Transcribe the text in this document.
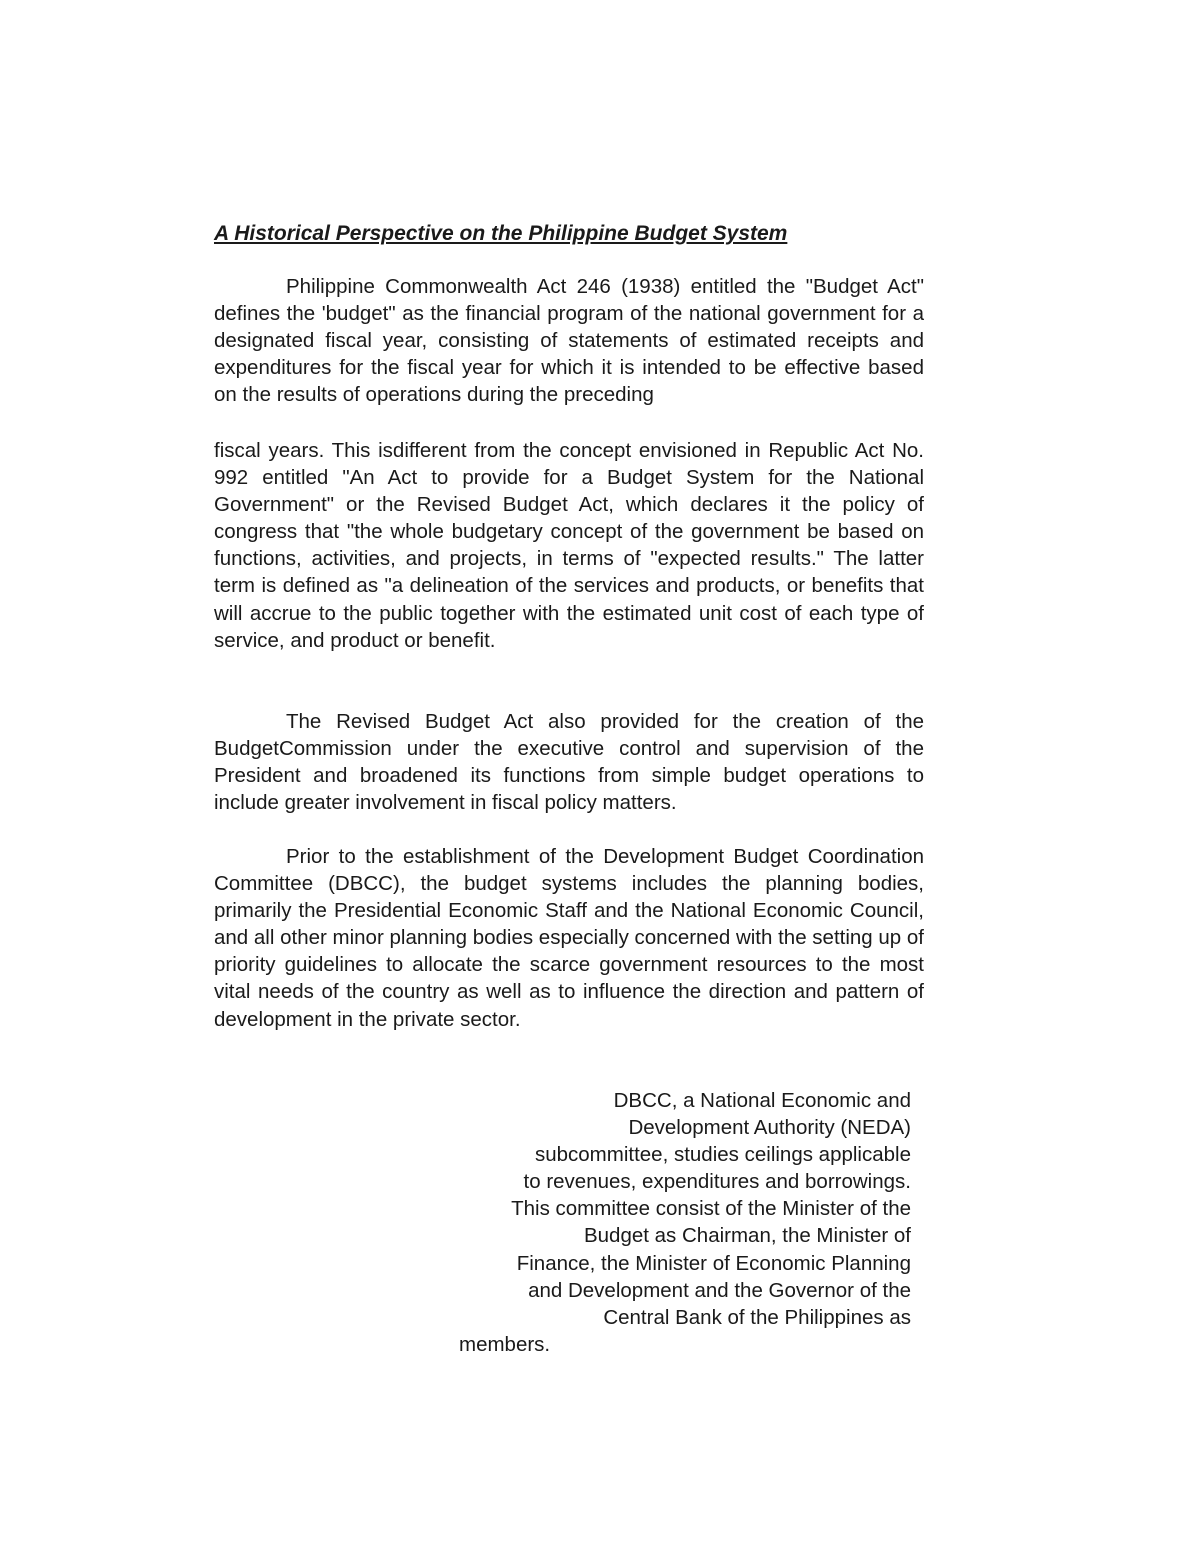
A Historical Perspective on the Philippine Budget System

Philippine Commonwealth Act 246 (1938) entitled the "Budget Act" defines the 'budget" as the financial program of the national government for a designated fiscal year, consisting of statements of estimated receipts and expenditures for the fiscal year for which it is intended to be effective based on the results of operations during the preceding

fiscal years. This isdifferent from the concept envisioned in Republic Act No. 992 entitled "An Act to provide for a Budget System for the National Government" or the Revised Budget Act, which declares it the policy of congress that "the whole budgetary concept of the government be based on functions, activities, and projects, in terms of "expected results." The latter term is defined as "a delineation of the services and products, or benefits that will accrue to the public together with the estimated unit cost of each type of service, and product or benefit.

The Revised Budget Act also provided for the creation of the BudgetCommission under the executive control and supervision of the President and broadened its functions from simple budget operations to include greater involvement in fiscal policy matters.

Prior to the establishment of the Development Budget Coordination Committee (DBCC), the budget systems includes the planning bodies, primarily the Presidential Economic Staff and the National Economic Council, and all other minor planning bodies especially concerned with the setting up of priority guidelines to allocate the scarce government resources to the most vital needs of the country as well as to influence the direction and pattern of development in the private sector.

DBCC, a National Economic and
Development Authority (NEDA)
subcommittee, studies ceilings applicable
to revenues, expenditures and borrowings.
This committee consist of the Minister of the
Budget as Chairman, the Minister of
Finance, the Minister of Economic Planning
and Development and the Governor of the
Central Bank of the Philippines as
members.
